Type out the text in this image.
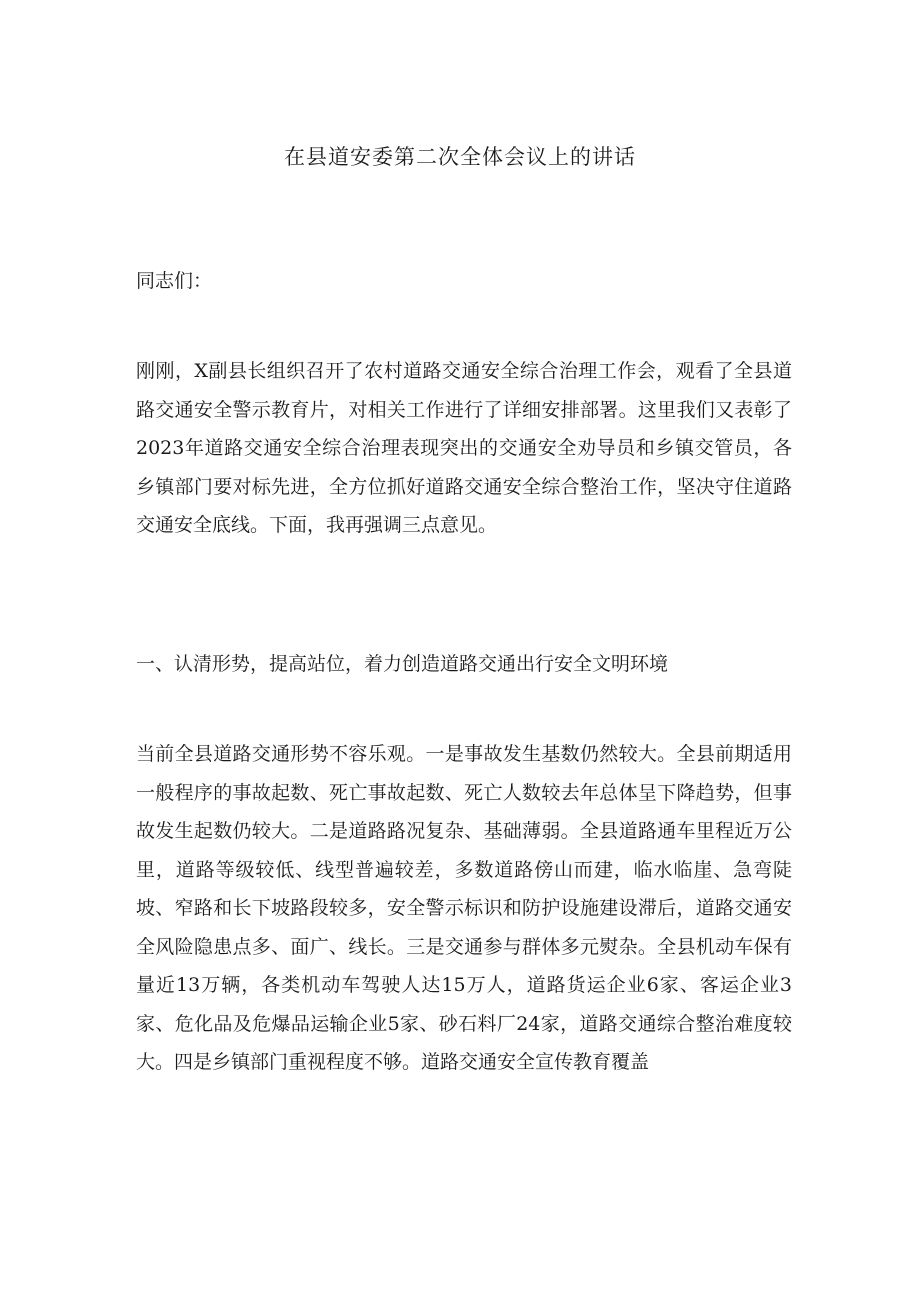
在县道安委第二次全体会议上的讲话
同志们：
刚刚，X副县长组织召开了农村道路交通安全综合治理工作会，观看了全县道路交通安全警示教育片，对相关工作进行了详细安排部署。这里我们又表彰了2023年道路交通安全综合治理表现突出的交通安全劝导员和乡镇交管员，各乡镇部门要对标先进，全方位抓好道路交通安全综合整治工作，坚决守住道路交通安全底线。下面，我再强调三点意见。
一、认清形势，提高站位，着力创造道路交通出行安全文明环境
当前全县道路交通形势不容乐观。一是事故发生基数仍然较大。全县前期适用一般程序的事故起数、死亡事故起数、死亡人数较去年总体呈下降趋势，但事故发生起数仍较大。二是道路路况复杂、基础薄弱。全县道路通车里程近万公里，道路等级较低、线型普遍较差，多数道路傍山而建，临水临崖、急弯陡坡、窄路和长下坡路段较多，安全警示标识和防护设施建设滞后，道路交通安全风险隐患点多、面广、线长。三是交通参与群体多元熨杂。全县机动车保有量近13万辆，各类机动车驾驶人达15万人，道路货运企业6家、客运企业3家、危化品及危爆品运输企业5家、砂石料厂24家，道路交通综合整治难度较大。四是乡镇部门重视程度不够。道路交通安全宣传教育覆盖
